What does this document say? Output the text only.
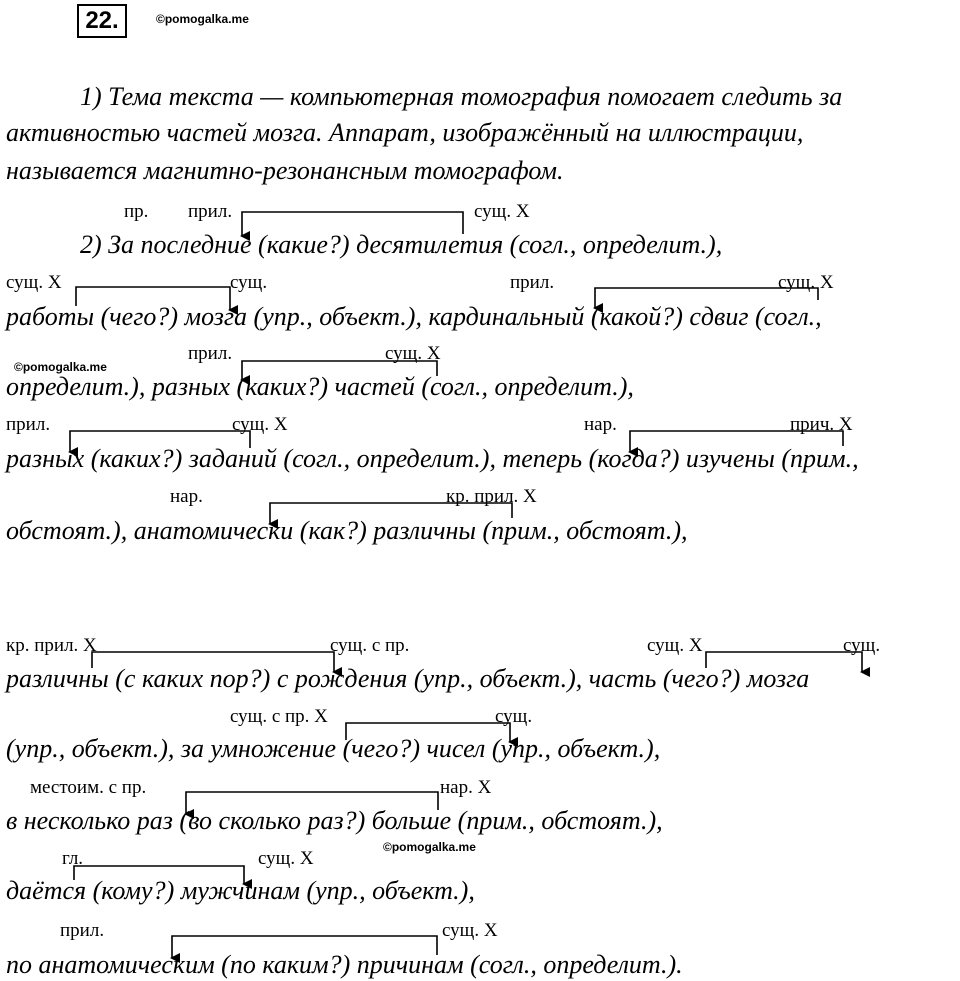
22.	©pomogalka.me
©pomogalka.me
©pomogalka.me
1) Тема текста — компьютерная томография помогает следить за
активностью частей мозга. Аппарат, изображённый на иллюстрации,
называется магнитно-резонансным томографом.
2) За последние (какие?) десятилетия (согл., определит.),
работы (чего?) мозга (упр., объект.), кардинальный (какой?) сдвиг (согл.,
определит.), разных (каких?) частей (согл., определит.),
разных (каких?) заданий (согл., определит.), теперь (когда?) изучены (прим.,
обстоят.), анатомически (как?) различны (прим., обстоят.),
различны (с каких пор?) с рождения (упр., объект.), часть (чего?) мозга
(упр., объект.), за умножение (чего?) чисел (упр., объект.),
в несколько раз (во сколько раз?) больше (прим., обстоят.),
даётся (кому?) мужчинам (упр., объект.),
по анатомическим (по каким?) причинам (согл., определит.).
пр. прил.	сущ. X
сущ. X	сущ.	прил.	сущ. X
прил.	сущ. X
прил.	сущ. X	нар.	прич. X
нар.	кр. прил. X
кр. прил. X	сущ. с пр.	сущ. X	сущ.
сущ. с пр. X	сущ.
местоим. с пр.	нар. X
гл.	сущ. X
прил.	сущ. X
